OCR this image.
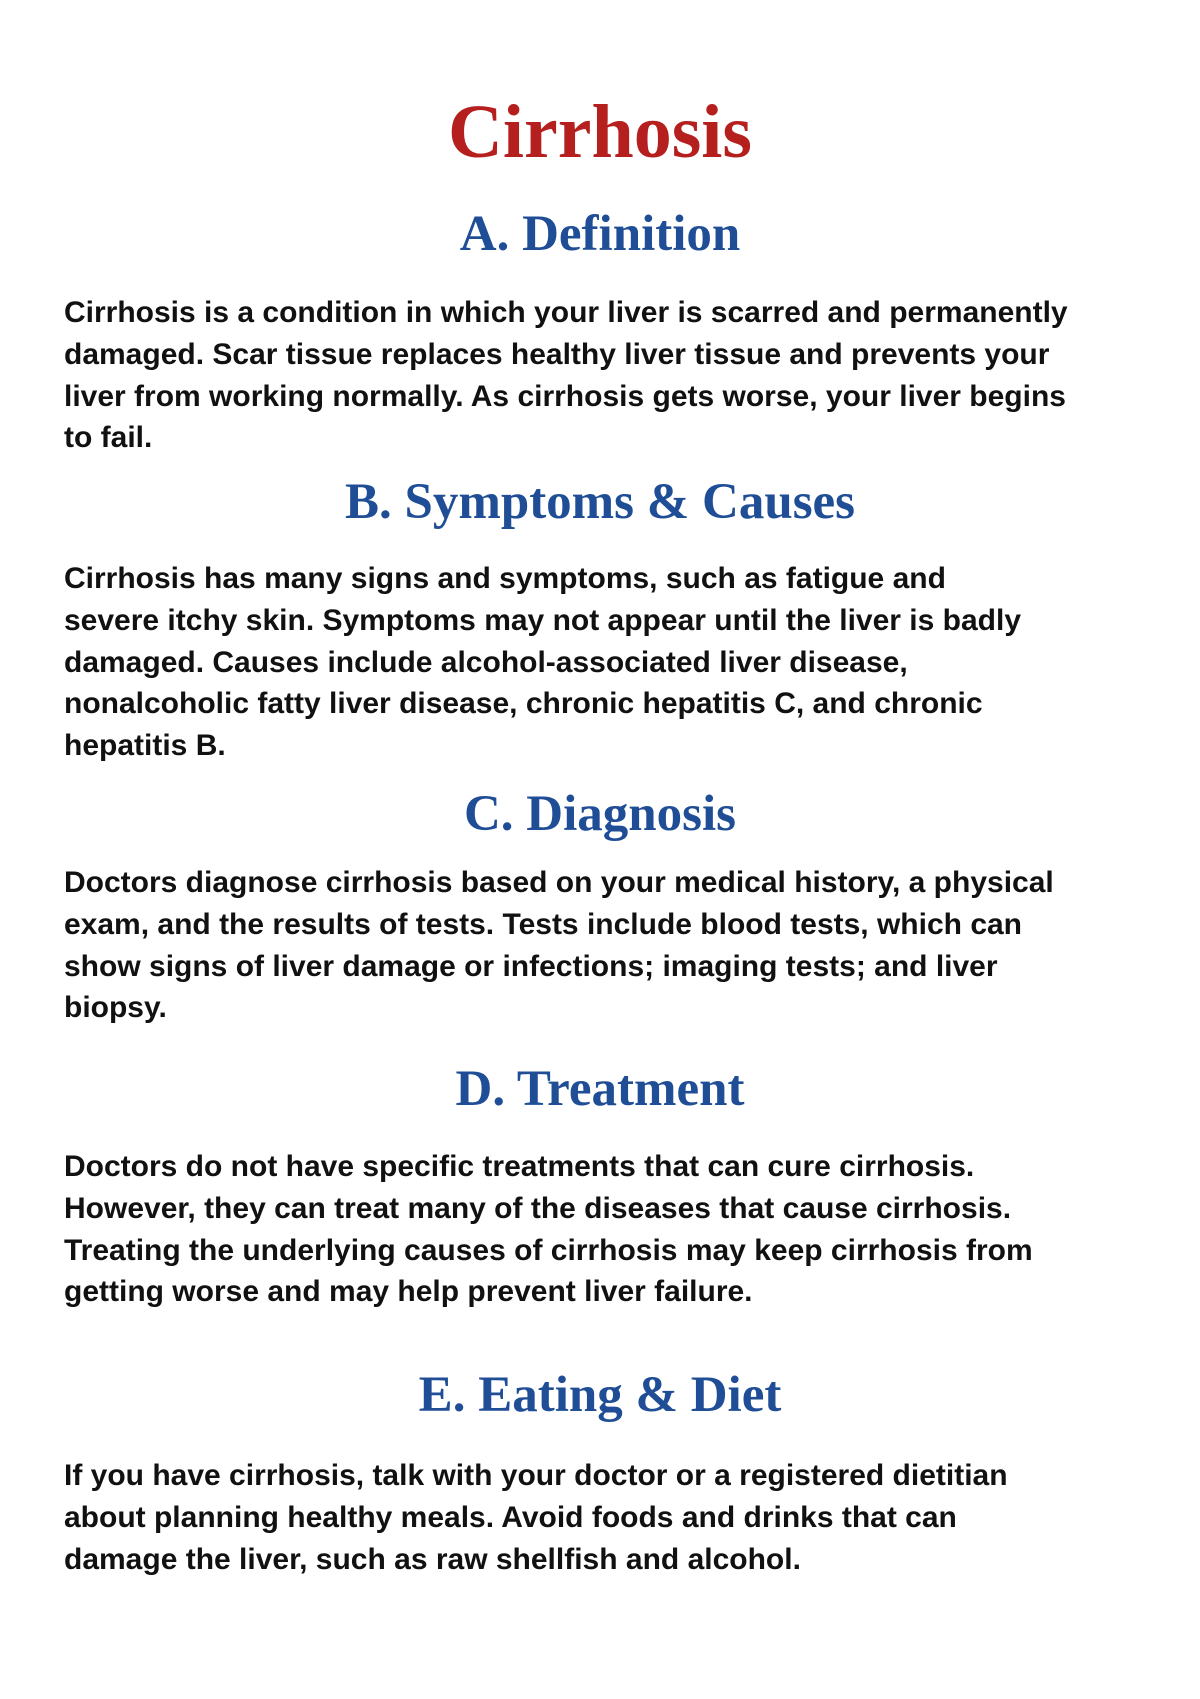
Cirrhosis
A. Definition

Cirrhosis is a condition in which your liver is scarred and permanently
damaged. Scar tissue replaces healthy liver tissue and prevents your
liver from working normally. As cirrhosis gets worse, your liver begins
to fail.

B. Symptoms & Causes

Cirrhosis has many signs and symptoms, such as fatigue and
severe itchy skin. Symptoms may not appear until the liver is badly
damaged. Causes include alcohol-associated liver disease,
nonalcoholic fatty liver disease, chronic hepatitis C, and chronic
hepatitis B.

C. Diagnosis

Doctors diagnose cirrhosis based on your medical history, a physical
exam, and the results of tests. Tests include blood tests, which can
show signs of liver damage or infections; imaging tests; and liver
biopsy.

D. Treatment

Doctors do not have specific treatments that can cure cirrhosis.
However, they can treat many of the diseases that cause cirrhosis.
Treating the underlying causes of cirrhosis may keep cirrhosis from
getting worse and may help prevent liver failure.

E. Eating & Diet

If you have cirrhosis, talk with your doctor or a registered dietitian
about planning healthy meals. Avoid foods and drinks that can
damage the liver, such as raw shellfish and alcohol.
